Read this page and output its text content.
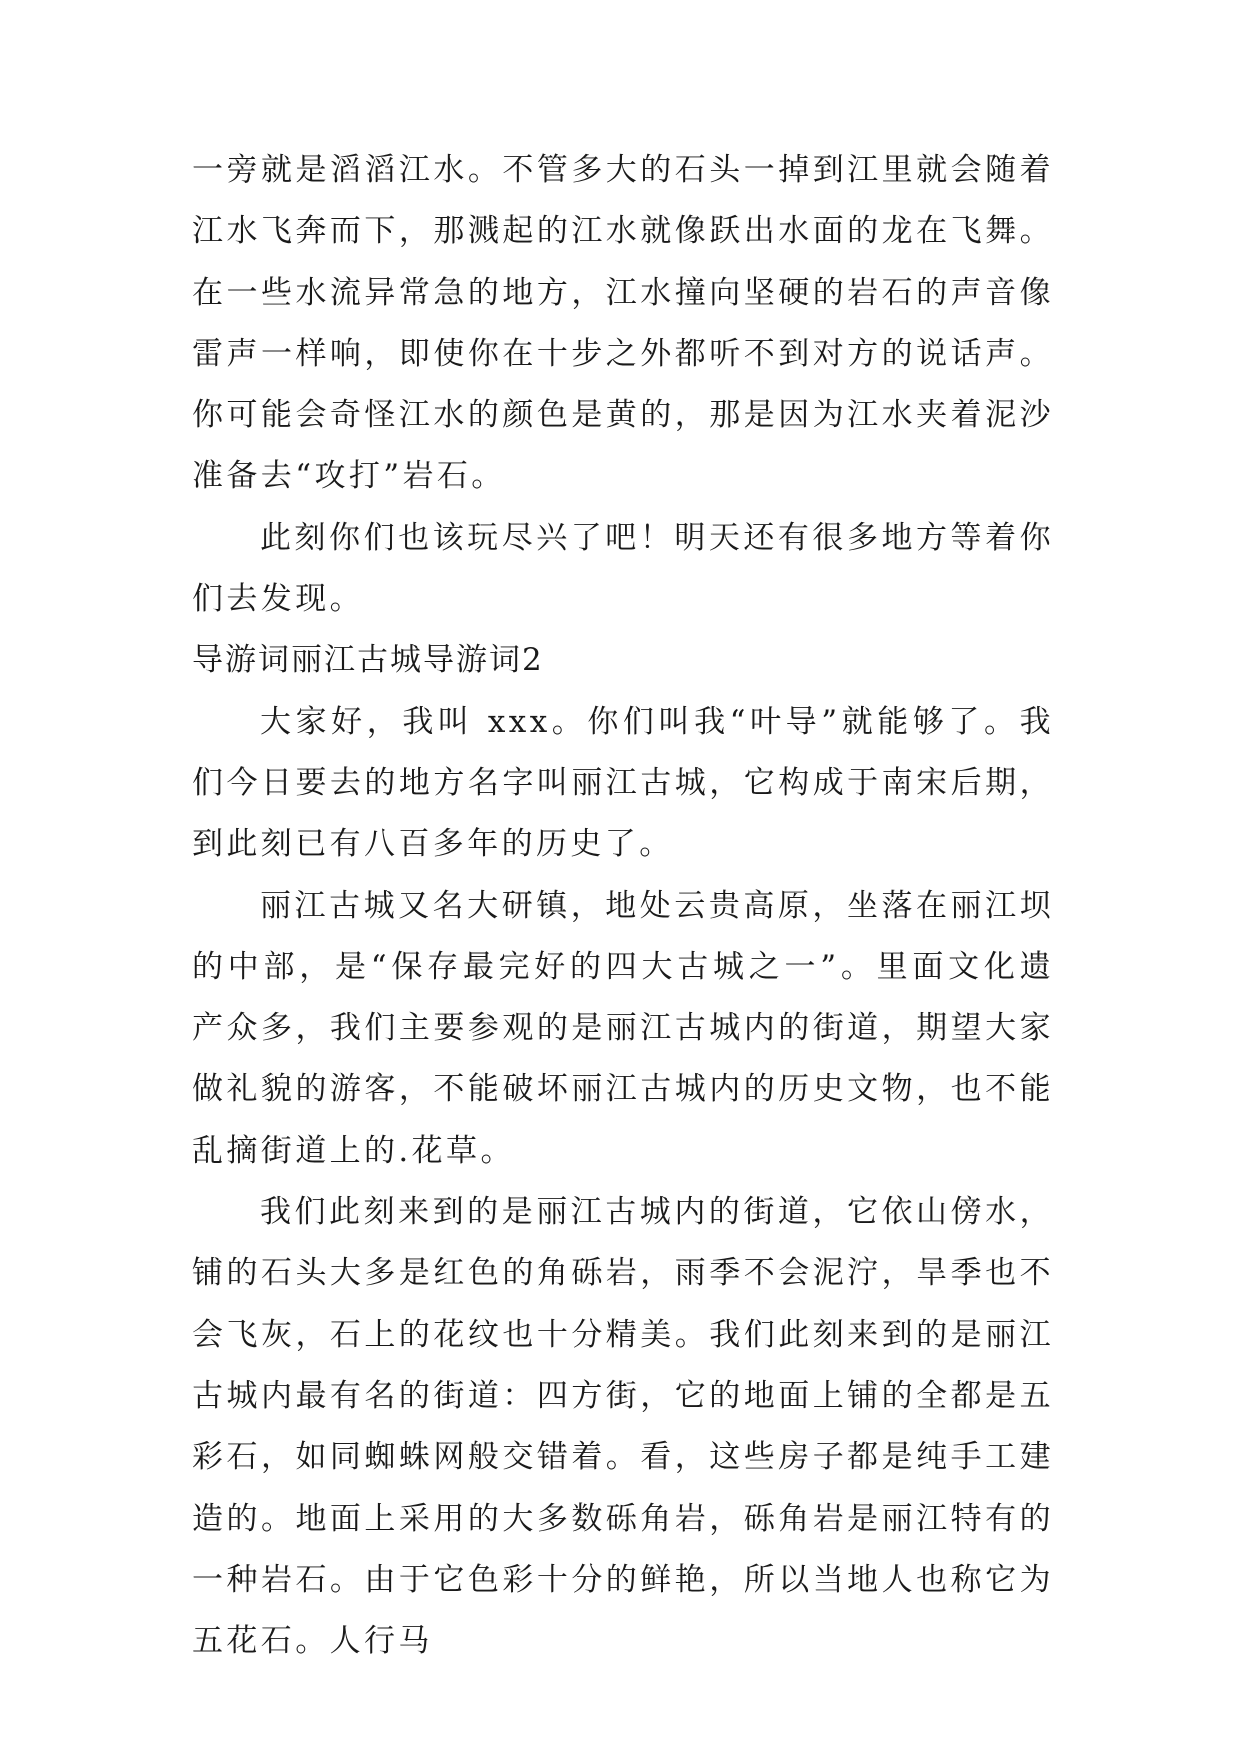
一旁就是滔滔江水。不管多大的石头一掉到江里就会随着江水飞奔而下，那溅起的江水就像跃出水面的龙在飞舞。在一些水流异常急的地方，江水撞向坚硬的岩石的声音像雷声一样响，即使你在十步之外都听不到对方的说话声。你可能会奇怪江水的颜色是黄的，那是因为江水夹着泥沙准备去“攻打”岩石。

此刻你们也该玩尽兴了吧！明天还有很多地方等着你们去发现。

导游词丽江古城导游词2

大家好，我叫 xxx。你们叫我“叶导”就能够了。我们今日要去的地方名字叫丽江古城，它构成于南宋后期，到此刻已有八百多年的历史了。

丽江古城又名大研镇，地处云贵高原，坐落在丽江坝的中部，是“保存最完好的四大古城之一”。里面文化遗产众多，我们主要参观的是丽江古城内的街道，期望大家做礼貌的游客，不能破坏丽江古城内的历史文物，也不能乱摘街道上的.花草。

我们此刻来到的是丽江古城内的街道，它依山傍水，铺的石头大多是红色的角砾岩，雨季不会泥泞，旱季也不会飞灰，石上的花纹也十分精美。我们此刻来到的是丽江古城内最有名的街道：四方街，它的地面上铺的全都是五彩石，如同蜘蛛网般交错着。看，这些房子都是纯手工建造的。地面上采用的大多数砾角岩，砾角岩是丽江特有的一种岩石。由于它色彩十分的鲜艳，所以当地人也称它为五花石。人行马
